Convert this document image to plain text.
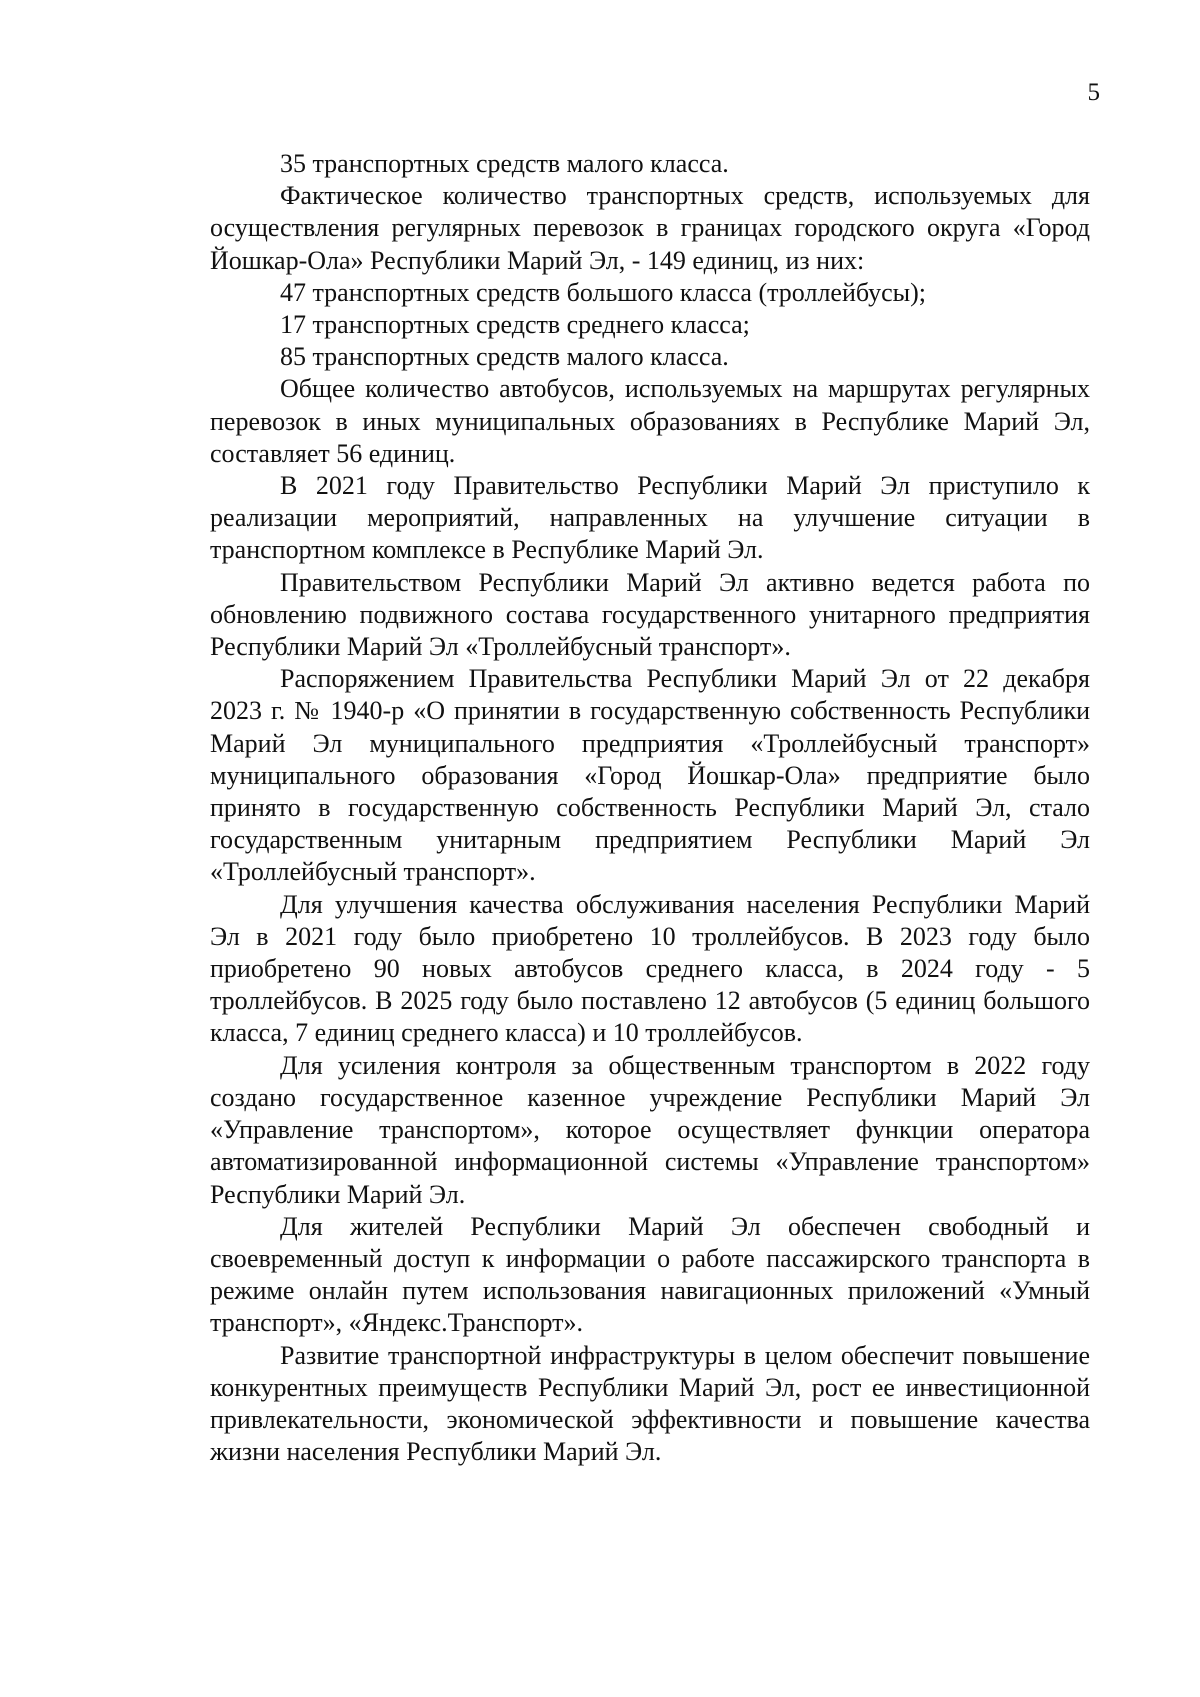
5

35 транспортных средств малого класса.

Фактическое количество транспортных средств, используемых для осуществления регулярных перевозок в границах городского округа «Город Йошкар-Ола» Республики Марий Эл, - 149 единиц, из них:

47 транспортных средств большого класса (троллейбусы);

17 транспортных средств среднего класса;

85 транспортных средств малого класса.

Общее количество автобусов, используемых на маршрутах регулярных перевозок в иных муниципальных образованиях в Республике Марий Эл, составляет 56 единиц.

В 2021 году Правительство Республики Марий Эл приступило к реализации мероприятий, направленных на улучшение ситуации в транспортном комплексе в Республике Марий Эл.

Правительством Республики Марий Эл активно ведется работа по обновлению подвижного состава государственного унитарного предприятия Республики Марий Эл «Троллейбусный транспорт».

Распоряжением Правительства Республики Марий Эл от 22 декабря 2023 г. № 1940-р «О принятии в государственную собственность Республики Марий Эл муниципального предприятия «Троллейбусный транспорт» муниципального образования «Город Йошкар-Ола» предприятие было принято в государственную собственность Республики Марий Эл, стало государственным унитарным предприятием Республики Марий Эл «Троллейбусный транспорт».

Для улучшения качества обслуживания населения Республики Марий Эл в 2021 году было приобретено 10 троллейбусов. В 2023 году было приобретено 90 новых автобусов среднего класса, в 2024 году - 5 троллейбусов. В 2025 году было поставлено 12 автобусов (5 единиц большого класса, 7 единиц среднего класса) и 10 троллейбусов.

Для усиления контроля за общественным транспортом в 2022 году создано государственное казенное учреждение Республики Марий Эл «Управление транспортом», которое осуществляет функции оператора автоматизированной информационной системы «Управление транспортом» Республики Марий Эл.

Для жителей Республики Марий Эл обеспечен свободный и своевременный доступ к информации о работе пассажирского транспорта в режиме онлайн путем использования навигационных приложений «Умный транспорт», «Яндекс.Транспорт».

Развитие транспортной инфраструктуры в целом обеспечит повышение конкурентных преимуществ Республики Марий Эл, рост ее инвестиционной привлекательности, экономической эффективности и повышение качества жизни населения Республики Марий Эл.
